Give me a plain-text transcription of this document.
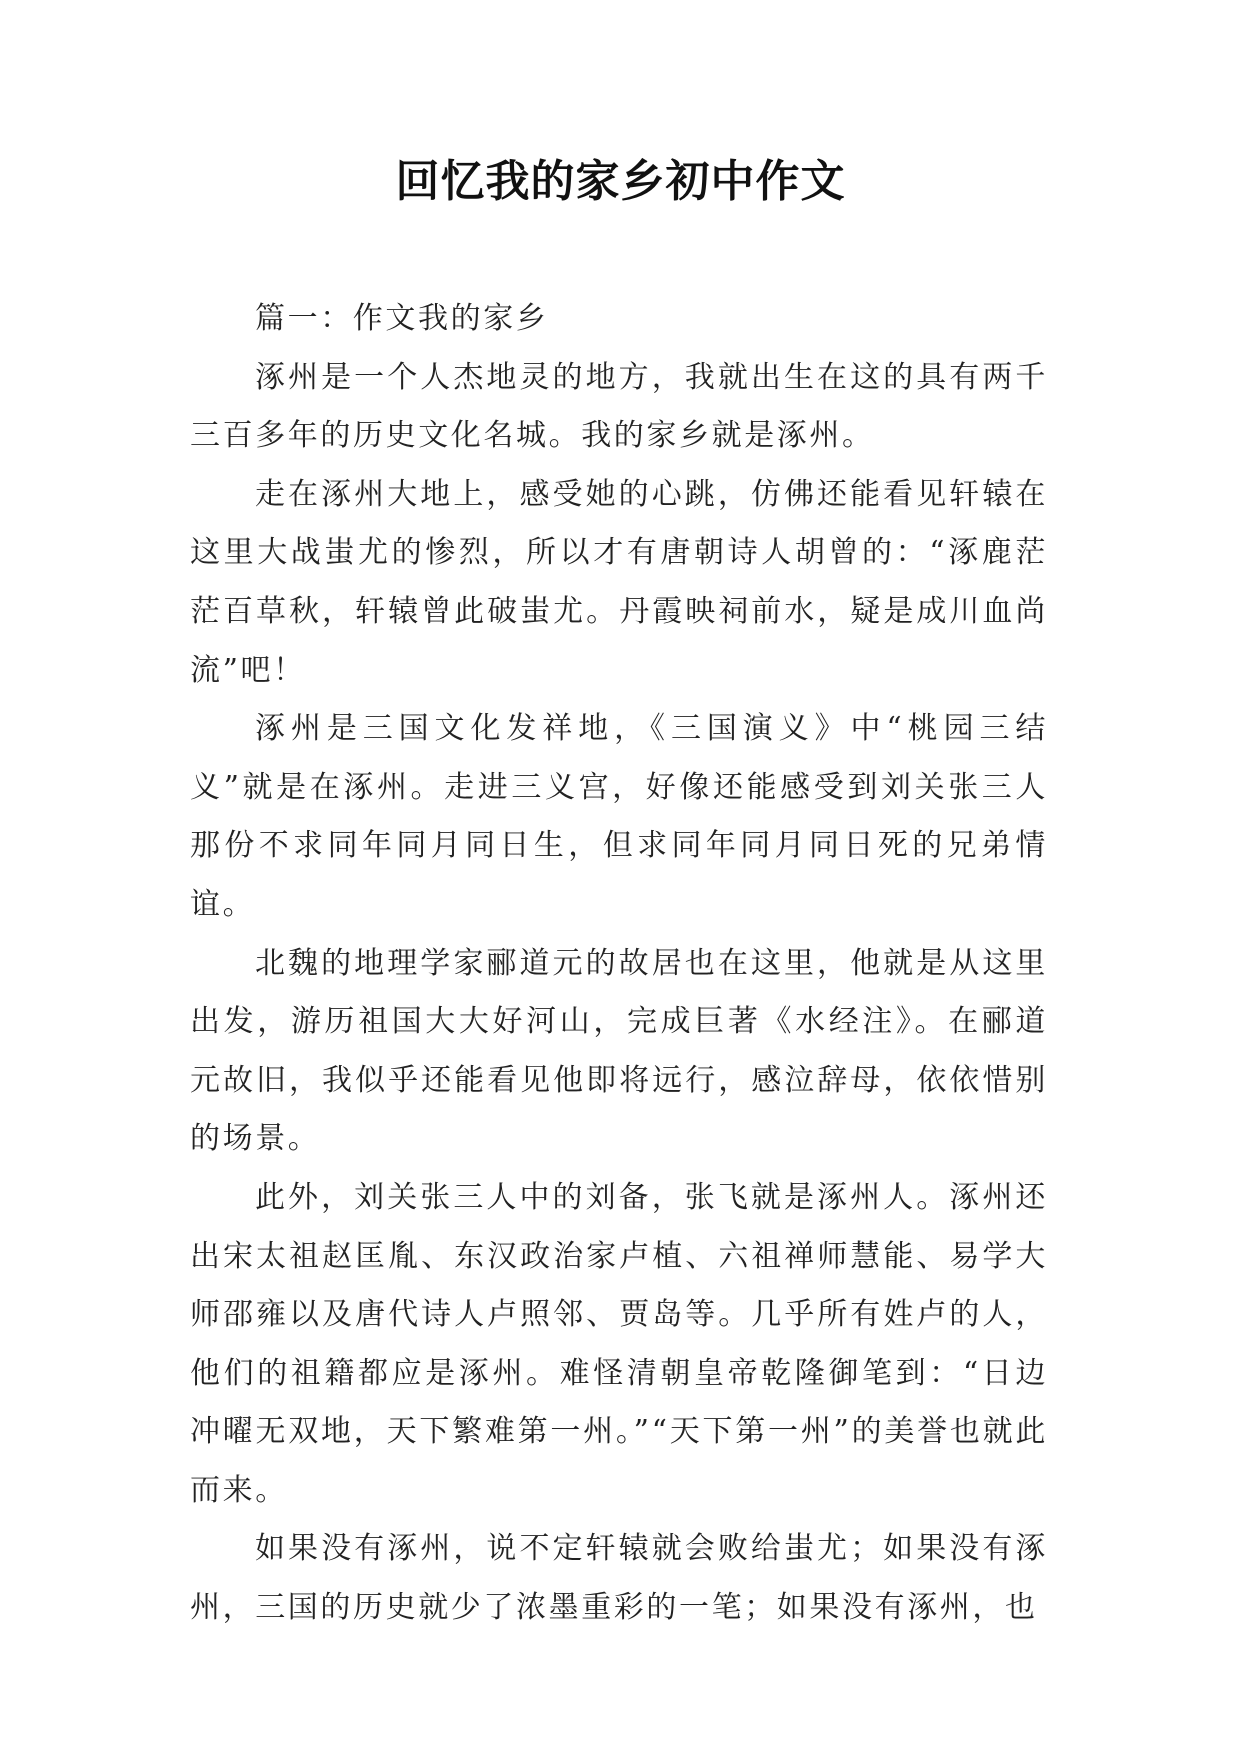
回忆我的家乡初中作文

篇一：作文我的家乡

涿州是一个人杰地灵的地方，我就出生在这的具有两千三百多年的历史文化名城。我的家乡就是涿州。

走在涿州大地上，感受她的心跳，仿佛还能看见轩辕在这里大战蚩尤的惨烈，所以才有唐朝诗人胡曾的：“涿鹿茫茫百草秋，轩辕曾此破蚩尤。丹霞映祠前水，疑是成川血尚流”吧！

涿州是三国文化发祥地，《三国演义》中“桃园三结义”就是在涿州。走进三义宫，好像还能感受到刘关张三人那份不求同年同月同日生，但求同年同月同日死的兄弟情谊。

北魏的地理学家郦道元的故居也在这里，他就是从这里出发，游历祖国大大好河山，完成巨著《水经注》。在郦道元故旧，我似乎还能看见他即将远行，感泣辞母，依依惜别的场景。

此外，刘关张三人中的刘备，张飞就是涿州人。涿州还出宋太祖赵匡胤、东汉政治家卢植、六祖禅师慧能、易学大师邵雍以及唐代诗人卢照邻、贾岛等。几乎所有姓卢的人，他们的祖籍都应是涿州。难怪清朝皇帝乾隆御笔到：“日边冲曜无双地，天下繁难第一州。”“天下第一州”的美誉也就此而来。

如果没有涿州，说不定轩辕就会败给蚩尤；如果没有涿州，三国的历史就少了浓墨重彩的一笔；如果没有涿州，也
